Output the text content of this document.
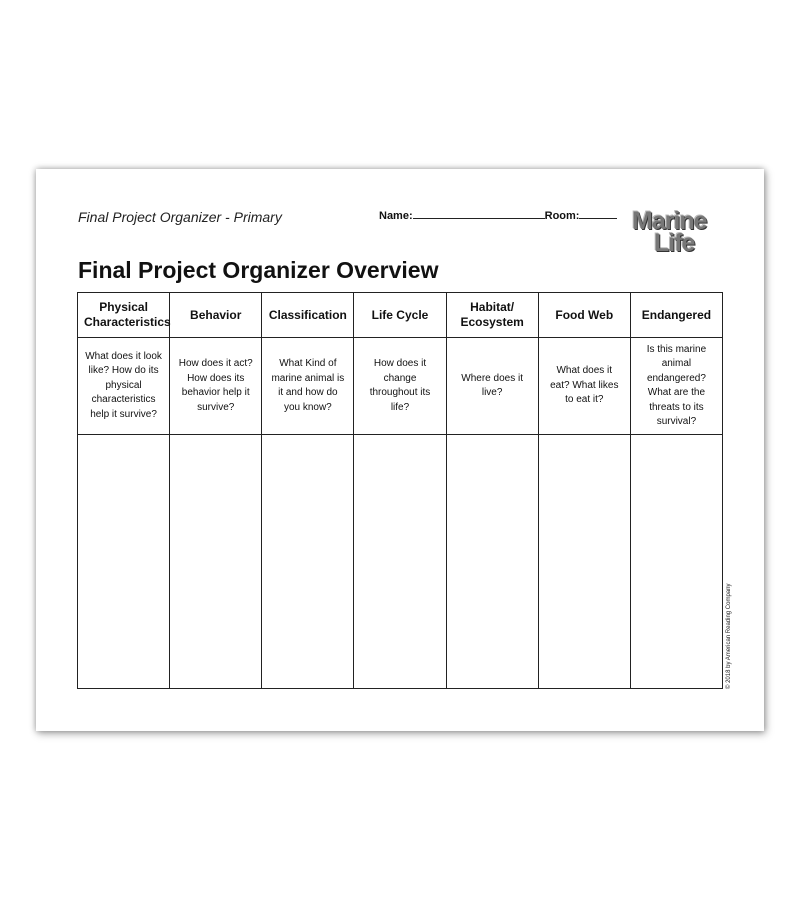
Final Project Organizer - Primary	Name:	Room:	Marine
Life
Final Project Organizer Overview
Physical Characteristics	Behavior	Classification	Life Cycle	Habitat/ Ecosystem	Food Web	Endangered
What does it look like? How do its physical characteristics help it survive?	How does it act? How does its behavior help it survive?	What Kind of marine animal is it and how do you know?	How does it change throughout its life?	Where does it live?	What does it eat? What likes to eat it?	Is this marine animal endangered? What are the threats to its survival?

© 2018 by American Reading Company
